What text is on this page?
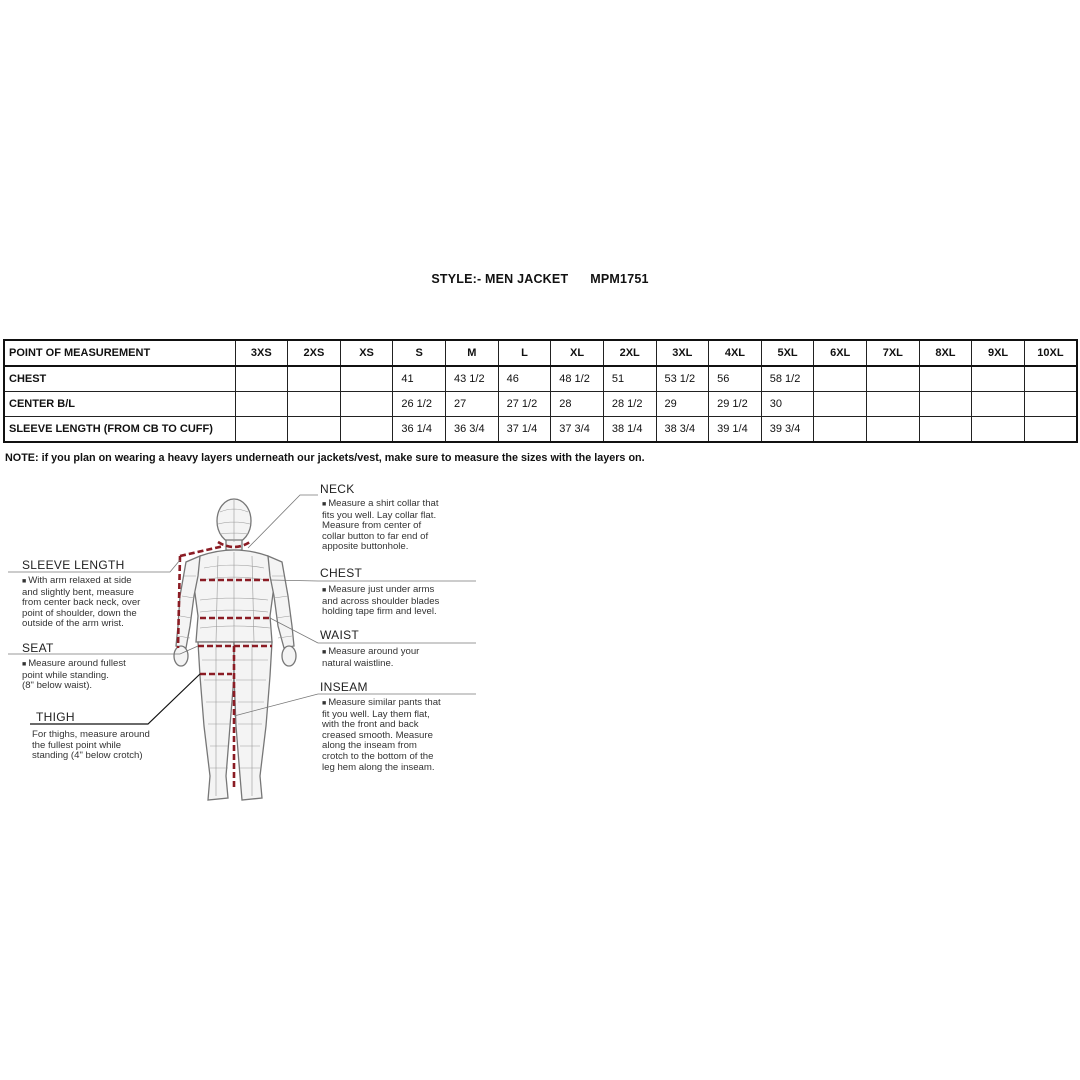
STYLE:- MEN JACKET MPM1751
POINT OF MEASUREMENT	3XS	2XS	XS	S	M	L	XL	2XL	3XL	4XL	5XL	6XL	7XL	8XL	9XL	10XL
CHEST				41	43 1/2	46	48 1/2	51	53 1/2	56	58 1/2					
CENTER B/L				26 1/2	27	27 1/2	28	28 1/2	29	29 1/2	30					
SLEEVE LENGTH (FROM CB TO CUFF)				36 1/4	36 3/4	37 1/4	37 3/4	38 1/4	38 3/4	39 1/4	39 3/4					
NOTE: if you plan on wearing a heavy layers underneath our jackets/vest, make sure to measure the sizes with the layers on.
NECK
■ Measure a shirt collar that
fits you well. Lay collar flat.
Measure from center of
collar button to far end of
apposite buttonhole.
CHEST
■ Measure just under arms
and across shoulder blades
holding tape firm and level.
WAIST
■ Measure around your
natural waistline.
INSEAM
■ Measure similar pants that
fit you well. Lay them flat,
with the front and back
creased smooth. Measure
along the inseam from
crotch to the bottom of the
leg hem along the inseam.
SLEEVE LENGTH
■ With arm relaxed at side
and slightly bent, measure
from center back neck, over
point of shoulder, down the
outside of the arm wrist.
SEAT
■ Measure around fullest
point while standing.
(8" below waist).
THIGH
For thighs, measure around
the fullest point while
standing (4" below crotch)
